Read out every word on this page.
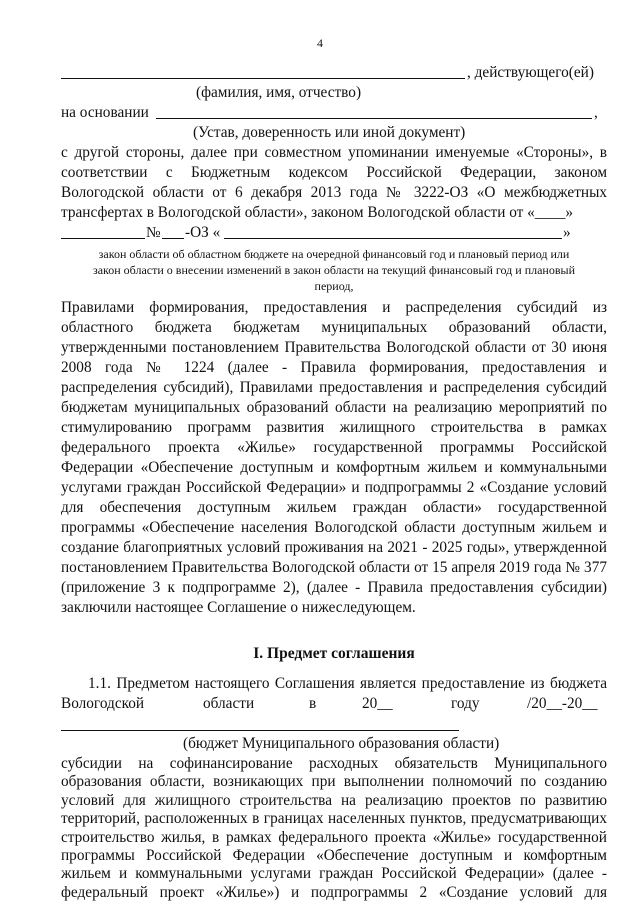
4
, действующего(ей)
(фамилия, имя, отчество)
на основании	,
(Устав, доверенность или иной документ)
с другой стороны, далее при совместном упоминании именуемые «Стороны», в
соответствии с Бюджетным кодексом Российской Федерации, законом
Вологодской области от 6 декабря 2013 года № 3222-ОЗ «О межбюджетных
трансфертах в Вологодской области», законом Вологодской области от «____»
№ -ОЗ «	»
закон области об областном бюджете на очередной финансовый год и плановый период или
закон области о внесении изменений в закон области на текущий финансовый год и плановый
период,
Правилами формирования, предоставления и распределения субсидий из
областного бюджета бюджетам муниципальных образований области,
утвержденными постановлением Правительства Вологодской области от 30 июня
2008 года № 1224 (далее - Правила формирования, предоставления и
распределения субсидий), Правилами предоставления и распределения субсидий
бюджетам муниципальных образований области на реализацию мероприятий по
стимулированию программ развития жилищного строительства в рамках
федерального проекта «Жилье» государственной программы Российской
Федерации «Обеспечение доступным и комфортным жильем и коммунальными
услугами граждан Российской Федерации» и подпрограммы 2 «Создание условий
для обеспечения доступным жильем граждан области» государственной
программы «Обеспечение населения Вологодской области доступным жильем и
создание благоприятных условий проживания на 2021 - 2025 годы», утвержденной
постановлением Правительства Вологодской области от 15 апреля 2019 года № 377
(приложение 3 к подпрограмме 2), (далее - Правила предоставления субсидии)
заключили настоящее Соглашение о нижеследующем.
I. Предмет соглашения
1.1. Предметом настоящего Соглашения является предоставление из бюджета
Вологодской	области	в	20__	году	/20__-20__
(бюджет Муниципального образования области)
субсидии на софинансирование расходных обязательств Муниципального
образования области, возникающих при выполнении полномочий по созданию
условий для жилищного строительства на реализацию проектов по развитию
территорий, расположенных в границах населенных пунктов, предусматривающих
строительство жилья, в рамках федерального проекта «Жилье» государственной
программы Российской Федерации «Обеспечение доступным и комфортным
жильем и коммунальными услугами граждан Российской Федерации» (далее -
федеральный проект «Жилье») и подпрограммы 2 «Создание условий для
